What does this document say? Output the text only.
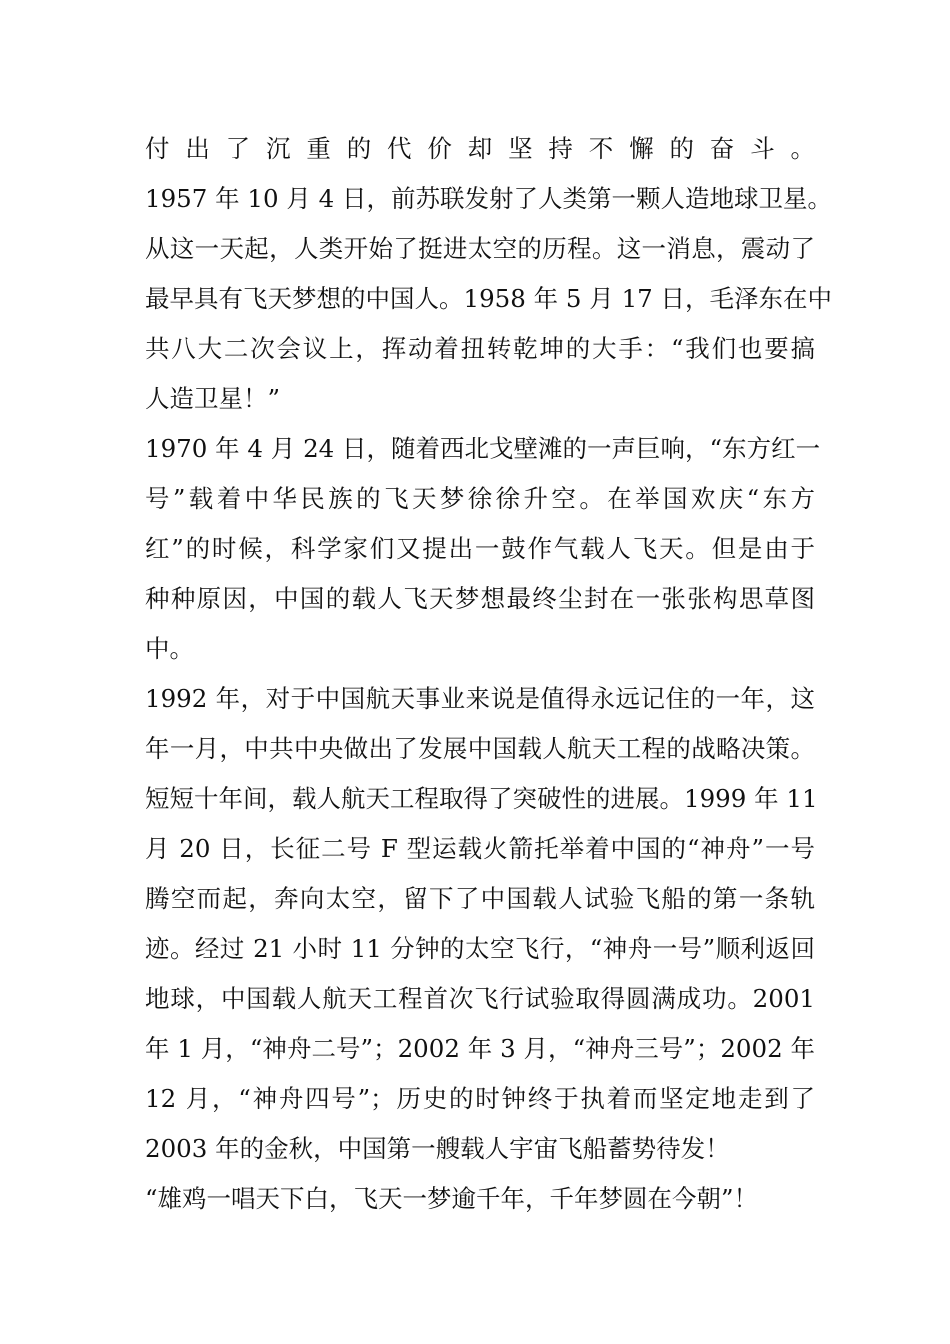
付出了沉重的代价却坚持不懈的奋斗。
1957 年 10 月 4 日，前苏联发射了人类第一颗人造地球卫星。
从这一天起，人类开始了挺进太空的历程。这一消息，震动了
最早具有飞天梦想的中国人。1958 年 5 月 17 日，毛泽东在中
共八大二次会议上，挥动着扭转乾坤的大手：“我们也要搞
人造卫星！”
1970 年 4 月 24 日，随着西北戈壁滩的一声巨响，“东方红一
号”载着中华民族的飞天梦徐徐升空。在举国欢庆“东方
红”的时候，科学家们又提出一鼓作气载人飞天。但是由于
种种原因，中国的载人飞天梦想最终尘封在一张张构思草图
中。
1992 年，对于中国航天事业来说是值得永远记住的一年，这
年一月，中共中央做出了发展中国载人航天工程的战略决策。
短短十年间，载人航天工程取得了突破性的进展。1999 年 11
月 20 日，长征二号 F 型运载火箭托举着中国的“神舟”一号
腾空而起，奔向太空，留下了中国载人试验飞船的第一条轨
迹。经过 21 小时 11 分钟的太空飞行，“神舟一号”顺利返回
地球，中国载人航天工程首次飞行试验取得圆满成功。2001
年 1 月，“神舟二号”；2002 年 3 月，“神舟三号”；2002 年
12 月，“神舟四号”；历史的时钟终于执着而坚定地走到了
2003 年的金秋，中国第一艘载人宇宙飞船蓄势待发！
“雄鸡一唱天下白，飞天一梦逾千年，千年梦圆在今朝”！
